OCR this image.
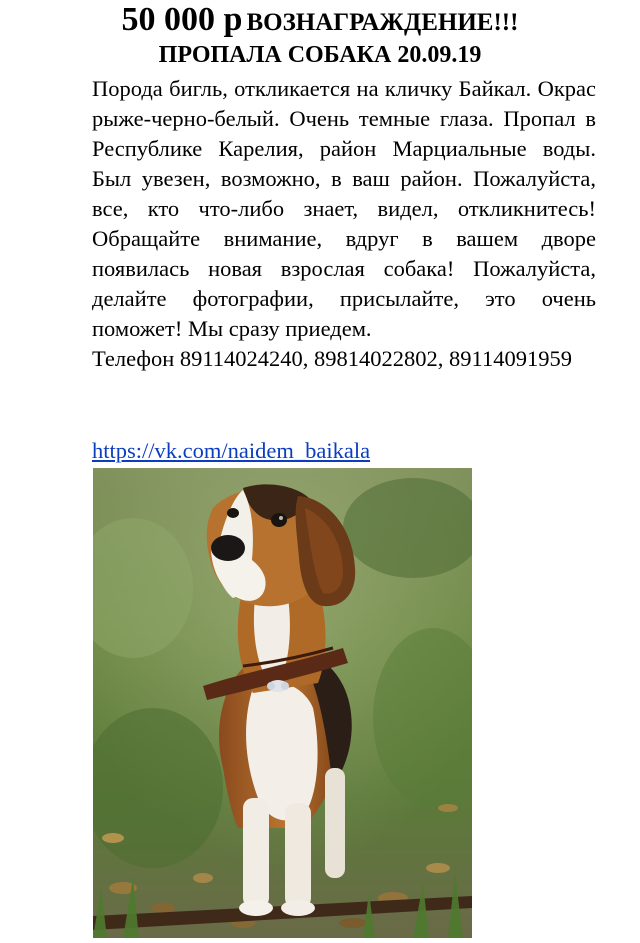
50 000 р ВОЗНАГРАЖДЕНИЕ!!!
ПРОПАЛА СОБАКА 20.09.19

Порода бигль, откликается на кличку Байкал. Окрас рыже-черно-белый. Очень темные глаза. Пропал в Республике Карелия, район Марциальные воды. Был увезен, возможно, в ваш район. Пожалуйста, все, кто что-либо знает, видел, откликнитесь! Обращайте внимание, вдруг в вашем дворе появилась новая взрослая собака! Пожалуйста, делайте фотографии, присылайте, это очень поможет! Мы сразу приедем.

Телефон 89114024240, 89814022802, 89114091959

https://vk.com/naidem_baikala
